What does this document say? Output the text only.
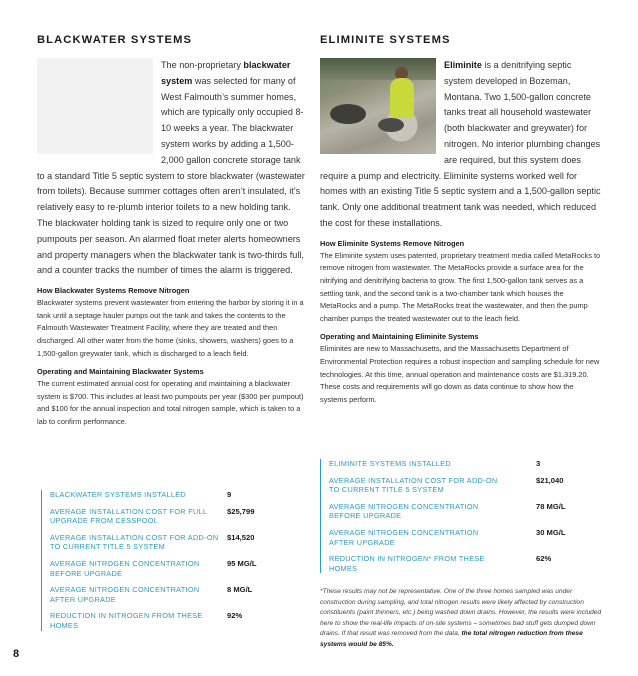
BLACKWATER SYSTEMS
The non-proprietary blackwater system was selected for many of West Falmouth’s summer homes, which are typically only occupied 8-10 weeks a year. The blackwater system works by adding a 1,500-2,000 gallon concrete storage tank to a standard Title 5 septic system to store blackwater (wastewater from toilets). Because summer cottages often aren’t insulated, it’s relatively easy to re-plumb interior toilets to a new holding tank. The blackwater holding tank is sized to require only one or two pumpouts per season. An alarmed float meter alerts homeowners and property managers when the blackwater tank is two-thirds full, and a counter tracks the number of times the alarm is triggered.
How Blackwater Systems Remove Nitrogen
Blackwater systems prevent wastewater from entering the harbor by storing it in a tank until a septage hauler pumps out the tank and takes the contents to the Falmouth Wastewater Treatment Facility, where they are treated and then discharged. All other water from the home (sinks, showers, washers) goes to a 1,500-gallon greywater tank, which is discharged to a leach field.
Operating and Maintaining Blackwater Systems
The current estimated annual cost for operating and maintaining a blackwater system is $700. This includes at least two pumpouts per year ($300 per pumpout) and $100 for the annual inspection and total nitrogen sample, which is taken to a lab to confirm performance.
BLACKWATER SYSTEMS INSTALLED	9
AVERAGE INSTALLATION COST FOR FULL UPGRADE FROM CESSPOOL
$25,799
AVERAGE INSTALLATION COST FOR ADD-ON TO CURRENT TITLE 5 SYSTEM
$14,520
AVERAGE NITROGEN CONCENTRATION BEFORE UPGRADE
95 MG/L
AVERAGE NITROGEN CONCENTRATION AFTER UPGRADE
8 MG/L
REDUCTION IN NITROGEN FROM THESE HOMES
92%
ELIMINITE SYSTEMS
Eliminite is a denitrifying septic system developed in Bozeman, Montana. Two 1,500-gallon concrete tanks treat all household wastewater (both blackwater and greywater) for nitrogen. No interior plumbing changes are required, but this system does require a pump and electricity. Eliminite systems worked well for homes with an existing Title 5 septic system and a 1,500-gallon septic tank. Only one additional treatment tank was needed, which reduced the cost for these installations.
How Eliminite Systems Remove Nitrogen
The Eliminite system uses patented, proprietary treatment media called MetaRocks to remove nitrogen from wastewater. The MetaRocks provide a surface area for the nitrifying and denitrifying bacteria to grow. The first 1,500-gallon tank serves as a settling tank, and the second tank is a two-chamber tank which houses the MetaRocks and a pump. The MetaRocks treat the wastewater, and then the pump chamber pumps the treated wastewater out to the leach field.
Operating and Maintaining Eliminite Systems
Eliminites are new to Massachusetts, and the Massachusetts Department of Environmental Protection requires a robust inspection and sampling schedule for new technologies. At this time, annual operation and maintenance costs are $1,319.20. These costs and requirements will go down as data continue to show how the systems perform.
ELIMINITE SYSTEMS INSTALLED	3
AVERAGE INSTALLATION COST FOR ADD-ON TO CURRENT TITLE 5 SYSTEM
$21,040
AVERAGE NITROGEN CONCENTRATION BEFORE UPGRADE
78 MG/L
AVERAGE NITROGEN CONCENTRATION AFTER UPGRADE
30 MG/L
REDUCTION IN NITROGEN* FROM THESE HOMES
62%
*These results may not be representative. One of the three homes sampled was under construction during sampling, and total nitrogen results were likely affected by construction constituents (paint thinners, etc.) being washed down drains. However, the results were included here to show the real-life impacts of on-site systems – sometimes bad stuff gets dumped down drains. If that result was removed from the data, the total nitrogen reduction from these systems would be 85%.
8
